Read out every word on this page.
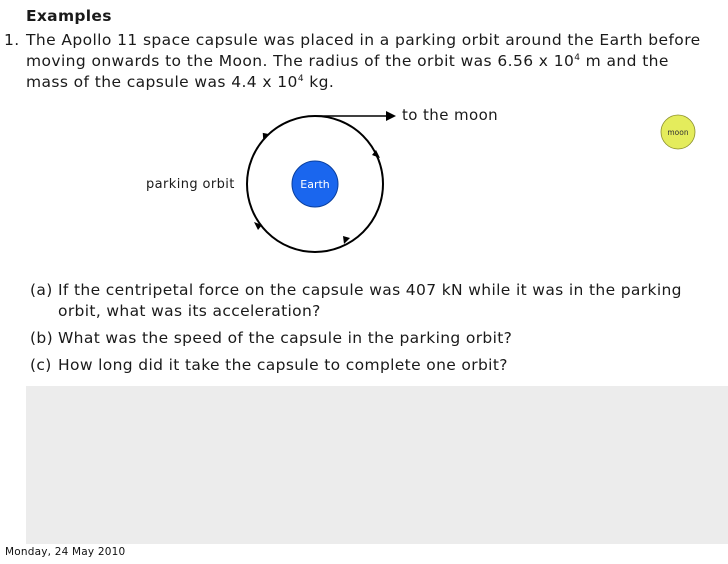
Examples
1. The Apollo 11 space capsule was placed in a parking orbit around the Earth before
moving onwards to the Moon. The radius of the orbit was 6.56 x $10^4$ m and the
mass of the capsule was 4.4 x $10^4$ kg.
to the moon
Earth
parking orbit
moon
(a) If the centripetal force on the capsule was 407 kN while it was in the parking
orbit, what was its acceleration?
(b) What was the speed of the capsule in the parking orbit?
(c) How long did it take the capsule to complete one orbit?
Monday, 24 May 2010
